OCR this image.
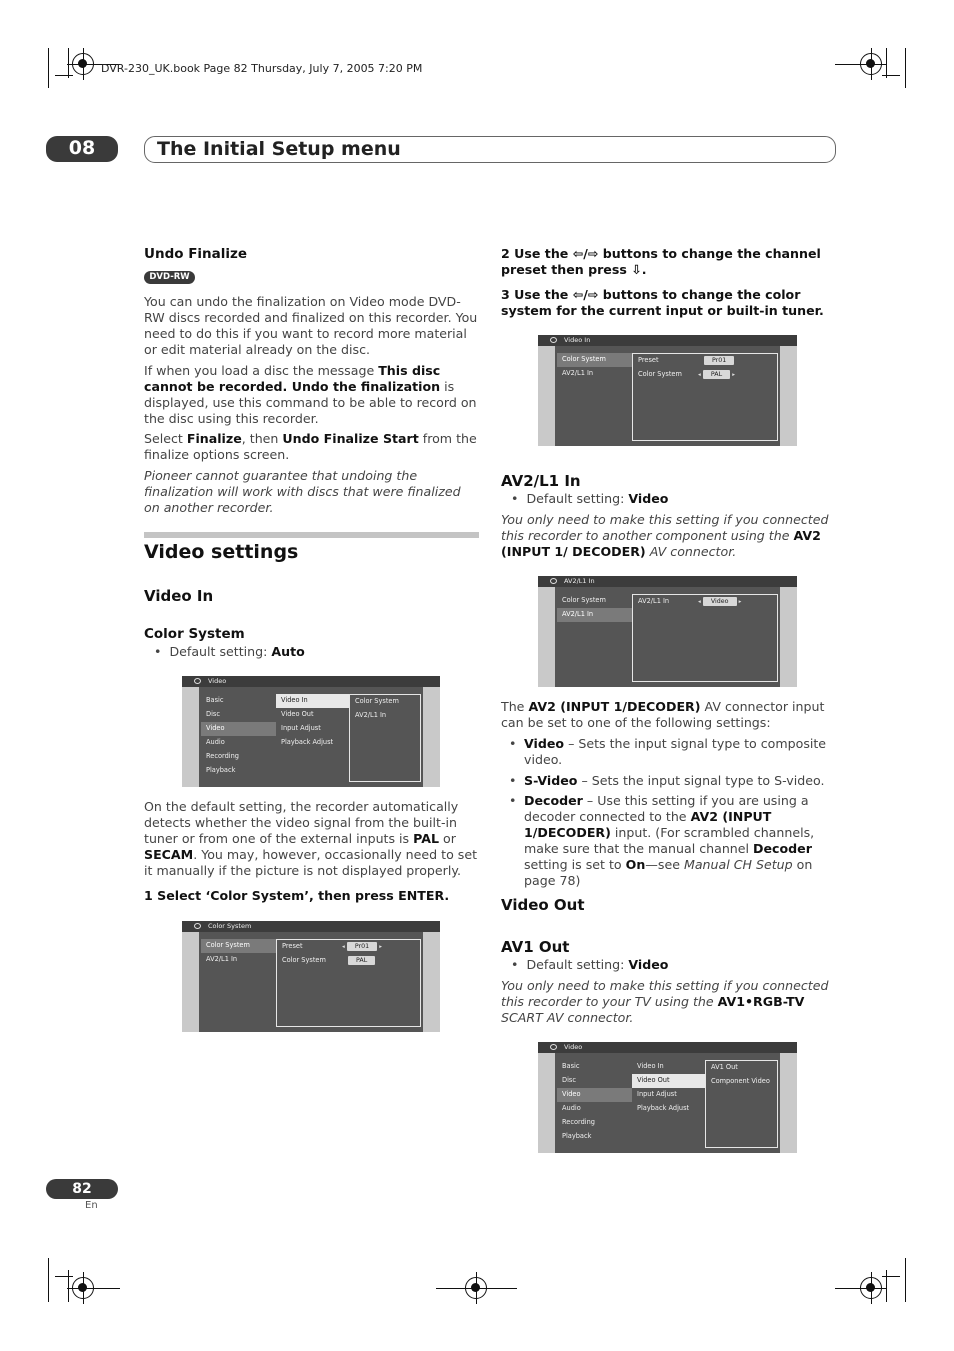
DVR-230_UK.book Page 82 Thursday, July 7, 2005 7:20 PM
08	The Initial Setup menu
Undo Finalize
DVD-RW

You can undo the finalization on Video mode DVD-RW discs recorded and finalized on this recorder. You need to do this if you want to record more material or edit material already on the disc.

If when you load a disc the message This disc cannot be recorded. Undo the finalization is displayed, use this command to be able to record on the disc using this recorder.

Select Finalize, then Undo Finalize Start from the finalize options screen.

Pioneer cannot guarantee that undoing the finalization will work with discs that were finalized on another recorder.

Video settings
Video In
Color System
•  Default setting: Auto
Video
Basic
Disc
Video
Audio
Recording
Playback
Video In
Video Out
Input Adjust
Playback Adjust
Color System
AV2/L1 In

On the default setting, the recorder automatically detects whether the video signal from the built-in tuner or from one of the external inputs is PAL or SECAM. You may, however, occasionally need to set it manually if the picture is not displayed properly.

1 Select ‘Color System’, then press ENTER.
Color System
Color System
AV2/L1 In
Preset	◂ Pr01 ▸
Color System	PAL
2 Use the ⇦/⇨ buttons to change the channel preset then press ⇩.
3 Use the ⇦/⇨ buttons to change the color system for the current input or built-in tuner.
Video In
Color System
AV2/L1 In
Preset	Pr01
Color System	◂ PAL ▸
AV2/L1 In
•  Default setting: Video

You only need to make this setting if you connected this recorder to another component using the AV2 (INPUT 1/ DECODER) AV connector.

AV2/L1 In
Color System
AV2/L1 In
AV2/L1 In	◂ Video ▸

The AV2 (INPUT 1/DECODER) AV connector input can be set to one of the following settings:

• Video – Sets the input signal type to composite video.

• S-Video – Sets the input signal type to S-video.

• Decoder – Use this setting if you are using a decoder connected to the AV2 (INPUT 1/DECODER) input. (For scrambled channels, make sure that the manual channel Decoder setting is set to On—see Manual CH Setup on page 78)

Video Out
AV1 Out
•  Default setting: Video

You only need to make this setting if you connected this recorder to your TV using the AV1•RGB-TV SCART AV connector.

Video
Basic
Disc
Video
Audio
Recording
Playback
Video In
Video Out
Input Adjust
Playback Adjust
AV1 Out
Component Video
82
En
